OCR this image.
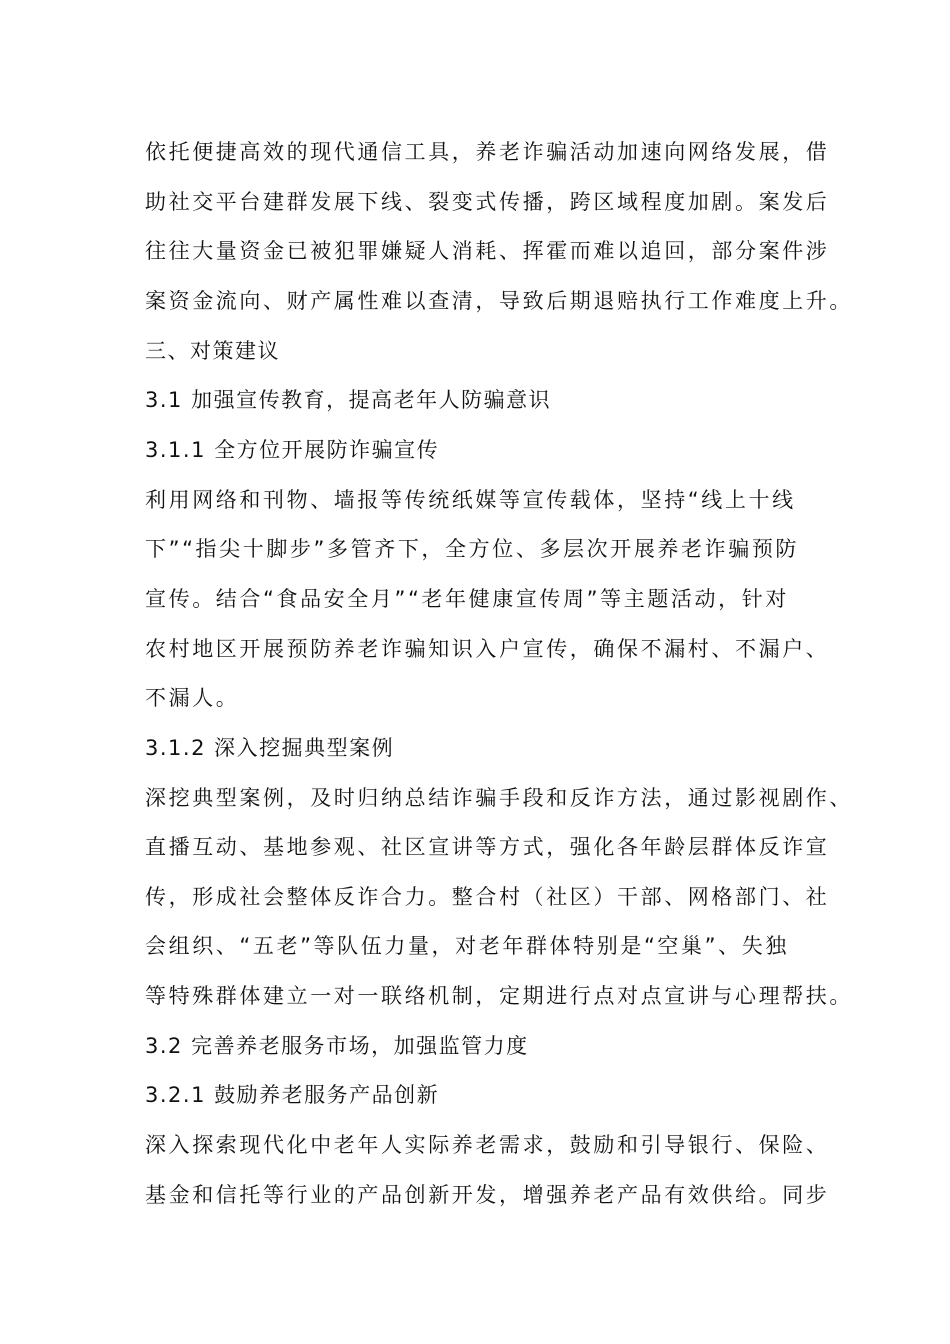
依托便捷高效的现代通信工具，养老诈骗活动加速向网络发展，借
助社交平台建群发展下线、裂变式传播，跨区域程度加剧。案发后
往往大量资金已被犯罪嫌疑人消耗、挥霍而难以追回，部分案件涉
案资金流向、财产属性难以查清，导致后期退赔执行工作难度上升。
三、对策建议
3.1 加强宣传教育，提高老年人防骗意识
3.1.1 全方位开展防诈骗宣传
利用网络和刊物、墙报等传统纸媒等宣传载体，坚持“线上十线
下”“指尖十脚步”多管齐下，全方位、多层次开展养老诈骗预防
宣传。结合“食品安全月”“老年健康宣传周”等主题活动，针对
农村地区开展预防养老诈骗知识入户宣传，确保不漏村、不漏户、
不漏人。
3.1.2 深入挖掘典型案例
深挖典型案例，及时归纳总结诈骗手段和反诈方法，通过影视剧作、
直播互动、基地参观、社区宣讲等方式，强化各年龄层群体反诈宣
传，形成社会整体反诈合力。整合村（社区）干部、网格部门、社
会组织、“五老”等队伍力量，对老年群体特别是“空巢”、失独
等特殊群体建立一对一联络机制，定期进行点对点宣讲与心理帮扶。
3.2 完善养老服务市场，加强监管力度
3.2.1 鼓励养老服务产品创新
深入探索现代化中老年人实际养老需求，鼓励和引导银行、保险、
基金和信托等行业的产品创新开发，增强养老产品有效供给。同步
